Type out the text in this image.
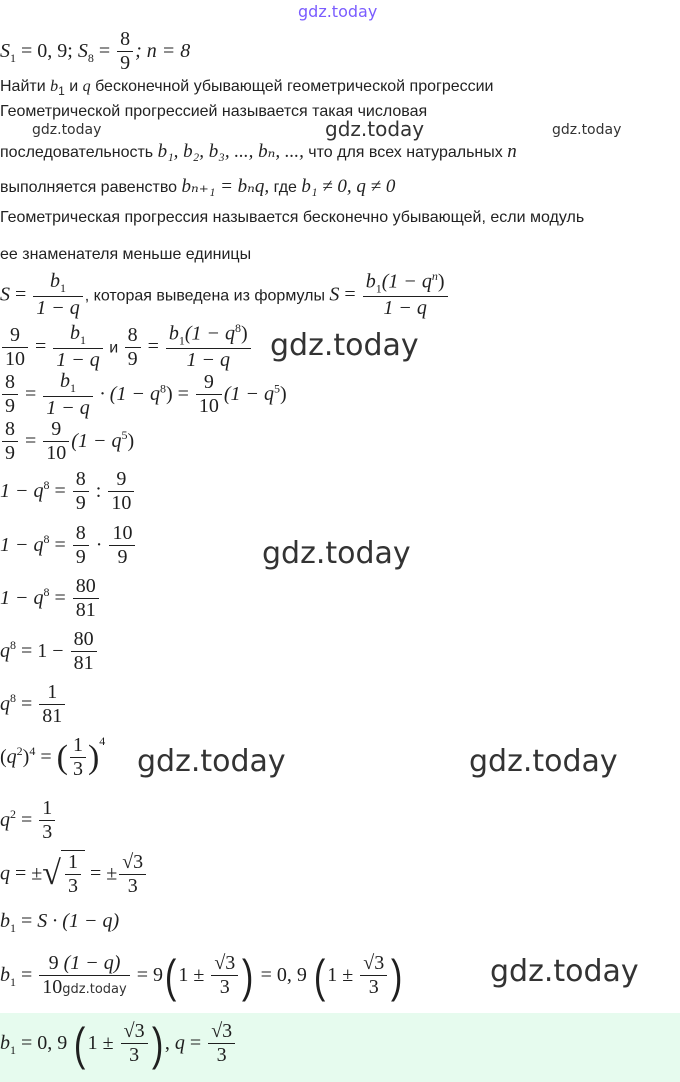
gdz.today
gdz.today	gdz.today	gdz.today
gdz.today
gdz.today
gdz.today	gdz.today
gdz.today
$S_1 = 0$, 9; $S_8 = \frac{8}{9}$ ; n = 8
Найти $b_1$ и q бесконечной убывающей геометрической прогрессии
Геометрической прогрессией называется такая числовая
последовательность b₁, b₂, b₃, ..., bₙ, ..., что для всех натуральных n
выполняется равенство bₙ₊₁ = bₙq, где b₁ ≠ 0, q ≠ 0
Геометрическая прогрессия называется бесконечно убывающей, если модуль
ее знаменателя меньше единицы
$S = \frac{b_1}{1 - q}$ , которая выведена из формулы $S = \frac{b_1(1 - q^n)}{1 - q}$
$\frac{9}{10} = \frac{b_1}{1 - q}$ и $\frac{8}{9} = \frac{b_1(1 - q^8)}{1 - q}$
$\frac{8}{9} = \frac{b_1}{1 - q} \cdot (1 - q^8) = \frac{9}{10} (1 - q^5)$
$\frac{8}{9} = \frac{9}{10} (1 - q^5)$
$1 - q^8 = \frac{8}{9}$ : $\frac{9}{10}$
$1 - q^8 = \frac{8}{9} \cdot \frac{10}{9}$
$1 - q^8 = \frac{80}{81}$
$q^8 = 1 - \frac{80}{81}$
$q^8 = \frac{1}{81}$
$(q^2)^4$ = ( $\frac{1}{3} )^4$
$q^2 = \frac{1}{3}$
q = ±√ $\frac{1}{3}$ = ± $\frac{√3}{3}$
$b_1 = S \cdot (1 - q)$
$b_1 = \frac{9 (1 - q)}{\text{10gdz.today}} = 9(1 \pm \frac{√3}{3}$ ) = 0, 9 ($1 \pm \frac{√3}{3}$ )
$b_1 = 0$, 9 ($1 \pm \frac{√3}{3}$ ), $q = \frac{√3}{3}$
